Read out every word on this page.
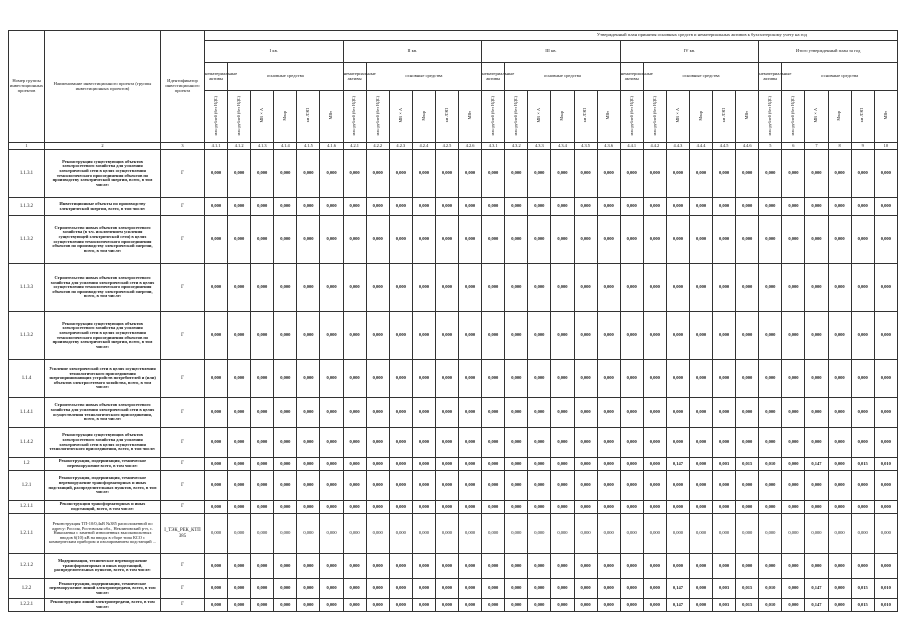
Номер группы инвестиционных проектов	Наименование инвестиционного проекта (группы инвестиционных проектов)	Идентификатор инвестиционного проекта	Утвержденный план принятия основных средств и нематериальных активов к бухгалтерскому учету на год																													
			I кв.						II кв.						III кв.						IV кв.						Итого утвержденный план за год					
			нематериальные активы	основные средства					нематериальные активы	основные средства					нематериальные активы	основные средства					нематериальные активы	основные средства					нематериальные активы	основные средства				
			млн рублей (без НДС)	млн рублей (без НДС)	МВ×А	Мвар	км ЛЭП	МВт	млн рублей (без НДС)	млн рублей (без НДС)	МВ×А	Мвар	км ЛЭП	МВт	млн рублей (без НДС)	млн рублей (без НДС)	МВ×А	Мвар	км ЛЭП	МВт	млн рублей (без НДС)	млн рублей (без НДС)	МВ×А	Мвар	км ЛЭП	МВт	млн рублей (без НДС)	млн рублей (без НДС)	МВ×А	Мвар	км ЛЭП	МВт
1	2	3	4.1.1	4.1.2	4.1.3	4.1.4	4.1.5	4.1.6	4.2.1	4.2.2	4.2.3	4.2.4	4.2.5	4.2.6	4.3.1	4.3.2	4.3.3	4.3.4	4.3.5	4.3.6	4.4.1	4.4.2	4.4.3	4.4.4	4.4.5	4.4.6	5	6	7	8	9	10
1.1.3.1	Реконструкция существующих объектов электросетевого хозяйства для усиления электрической сети в целях осуществления технологического присоединения объектов по производству электрической энергии, всего, в том числе:	Г	0,000	0,000	0,000	0,000	0,000	0,000	0,000	0,000	0,000	0,000	0,000	0,000	0,000	0,000	0,000	0,000	0,000	0,000	0,000	0,000	0,000	0,000	0,000	0,000	0,000	0,000	0,000	0,000	0,000	0,000
1.1.3.2	Инвестиционные объекты по производству электрической энергии, всего, в том числе:	Г	0,000	0,000	0,000	0,000	0,000	0,000	0,000	0,000	0,000	0,000	0,000	0,000	0,000	0,000	0,000	0,000	0,000	0,000	0,000	0,000	0,000	0,000	0,000	0,000	0,000	0,000	0,000	0,000	0,000	0,000
1.1.3.2	Строительство новых объектов электросетевого хозяйства (в т.ч. исключением усиления существующей электрической сети) в целях осуществления технологического присоединения объектов по производству электрической энергии, всего, в том числе:	Г	0,000	0,000	0,000	0,000	0,000	0,000	0,000	0,000	0,000	0,000	0,000	0,000	0,000	0,000	0,000	0,000	0,000	0,000	0,000	0,000	0,000	0,000	0,000	0,000	0,000	0,000	0,000	0,000	0,000	0,000
1.1.3.3	Строительство новых объектов электросетевого хозяйства для усиления электрической сети в целях осуществления технологического присоединения объектов по производству электрической энергии, всего, в том числе:	Г	0,000	0,000	0,000	0,000	0,000	0,000	0,000	0,000	0,000	0,000	0,000	0,000	0,000	0,000	0,000	0,000	0,000	0,000	0,000	0,000	0,000	0,000	0,000	0,000	0,000	0,000	0,000	0,000	0,000	0,000
1.1.3.2	Реконструкция существующих объектов электросетевого хозяйства для усиления электрической сети в целях осуществления технологического присоединения объектов по производству электрической энергии, всего, в том числе:	Г	0,000	0,000	0,000	0,000	0,000	0,000	0,000	0,000	0,000	0,000	0,000	0,000	0,000	0,000	0,000	0,000	0,000	0,000	0,000	0,000	0,000	0,000	0,000	0,000	0,000	0,000	0,000	0,000	0,000	0,000
1.1.4	Усиление электрической сети в целях осуществления технологического присоединения энергопринимающих устройств потребителей и (или) объектов электросетевого хозяйства, всего, в том числе:	Г	0,000	0,000	0,000	0,000	0,000	0,000	0,000	0,000	0,000	0,000	0,000	0,000	0,000	0,000	0,000	0,000	0,000	0,000	0,000	0,000	0,000	0,000	0,000	0,000	0,000	0,000	0,000	0,000	0,000	0,000
1.1.4.1	Строительство новых объектов электросетевого хозяйства для усиления электрической сети в целях осуществления технологического присоединения, всего, в том числе:	Г	0,000	0,000	0,000	0,000	0,000	0,000	0,000	0,000	0,000	0,000	0,000	0,000	0,000	0,000	0,000	0,000	0,000	0,000	0,000	0,000	0,000	0,000	0,000	0,000	0,000	0,000	0,000	0,000	0,000	0,000
1.1.4.2	Реконструкция существующих объектов электросетевого хозяйства для усиления электрической сети в целях осуществления технологического присоединения, всего, в том числе:	Г	0,000	0,000	0,000	0,000	0,000	0,000	0,000	0,000	0,000	0,000	0,000	0,000	0,000	0,000	0,000	0,000	0,000	0,000	0,000	0,000	0,000	0,000	0,000	0,000	0,000	0,000	0,000	0,000	0,000	0,000
1.2	Реконструкция, модернизация, техническое перевооружение всего, в том числе:	Г	0,000	0,000	0,000	0,000	0,000	0,000	0,000	0,000	0,000	0,000	0,000	0,000	0,000	0,000	0,000	0,000	0,000	0,000	0,000	0,000	0,147	0,000	0,003	0,015	0,010	0,000	0,147	0,000	0,015	0,010
1.2.1	Реконструкция, модернизация, техническое перевооружение трансформаторных и иных подстанций, распределительных пунктов, всего, в том числе:	Г	0,000	0,000	0,000	0,000	0,000	0,000	0,000	0,000	0,000	0,000	0,000	0,000	0,000	0,000	0,000	0,000	0,000	0,000	0,000	0,000	0,000	0,000	0,000	0,000	0,000	0,000	0,000	0,000	0,000	0,000
1.2.1.1	Реконструкция трансформаторных и иных подстанций, всего, в том числе:	Г	0,000	0,000	0,000	0,000	0,000	0,000	0,000	0,000	0,000	0,000	0,000	0,000	0,000	0,000	0,000	0,000	0,000	0,000	0,000	0,000	0,000	0,000	0,000	0,000	0,000	0,000	0,000	0,000	0,000	0,000
1.2.1.1	Реконструкция ТП-10/0,4кВ №385 расположенной по адресу: Россия, Ростовская обл., Неклиновский р-н, с. Николаевка с заменой изношенных высоковольтных вводов 6(10) кВ на вводы в сборе типа КСО с коммерческим прибором и изолированием подстанций ...	I_ТЭК_РЕК_КТП 385	0,000	0,000	0,000	0,000	0,000	0,000	0,000	0,000	0,000	0,000	0,000	0,000	0,000	0,000	0,000	0,000	0,000	0,000	0,000	0,000	0,000	0,000	0,000	0,000	0,000	0,000	0,000	0,000	0,000	0,000
1.2.1.2	Модернизация, техническое перевооружение трансформаторных и иных подстанций, распределительных пунктов, всего, в том числе:	Г	0,000	0,000	0,000	0,000	0,000	0,000	0,000	0,000	0,000	0,000	0,000	0,000	0,000	0,000	0,000	0,000	0,000	0,000	0,000	0,000	0,000	0,000	0,000	0,000	0,000	0,000	0,000	0,000	0,000	0,000
1.2.2	Реконструкция, модернизация, техническое перевооружение линий электропередачи, всего, в том числе:	Г	0,000	0,000	0,000	0,000	0,000	0,000	0,000	0,000	0,000	0,000	0,000	0,000	0,000	0,000	0,000	0,000	0,000	0,000	0,000	0,000	0,147	0,000	0,003	0,015	0,010	0,000	0,147	0,000	0,015	0,010
1.2.2.1	Реконструкция линий электропередачи, всего, в том числе:	Г	0,000	0,000	0,000	0,000	0,000	0,000	0,000	0,000	0,000	0,000	0,000	0,000	0,000	0,000	0,000	0,000	0,000	0,000	0,000	0,000	0,147	0,000	0,003	0,015	0,010	0,000	0,147	0,000	0,015	0,010
